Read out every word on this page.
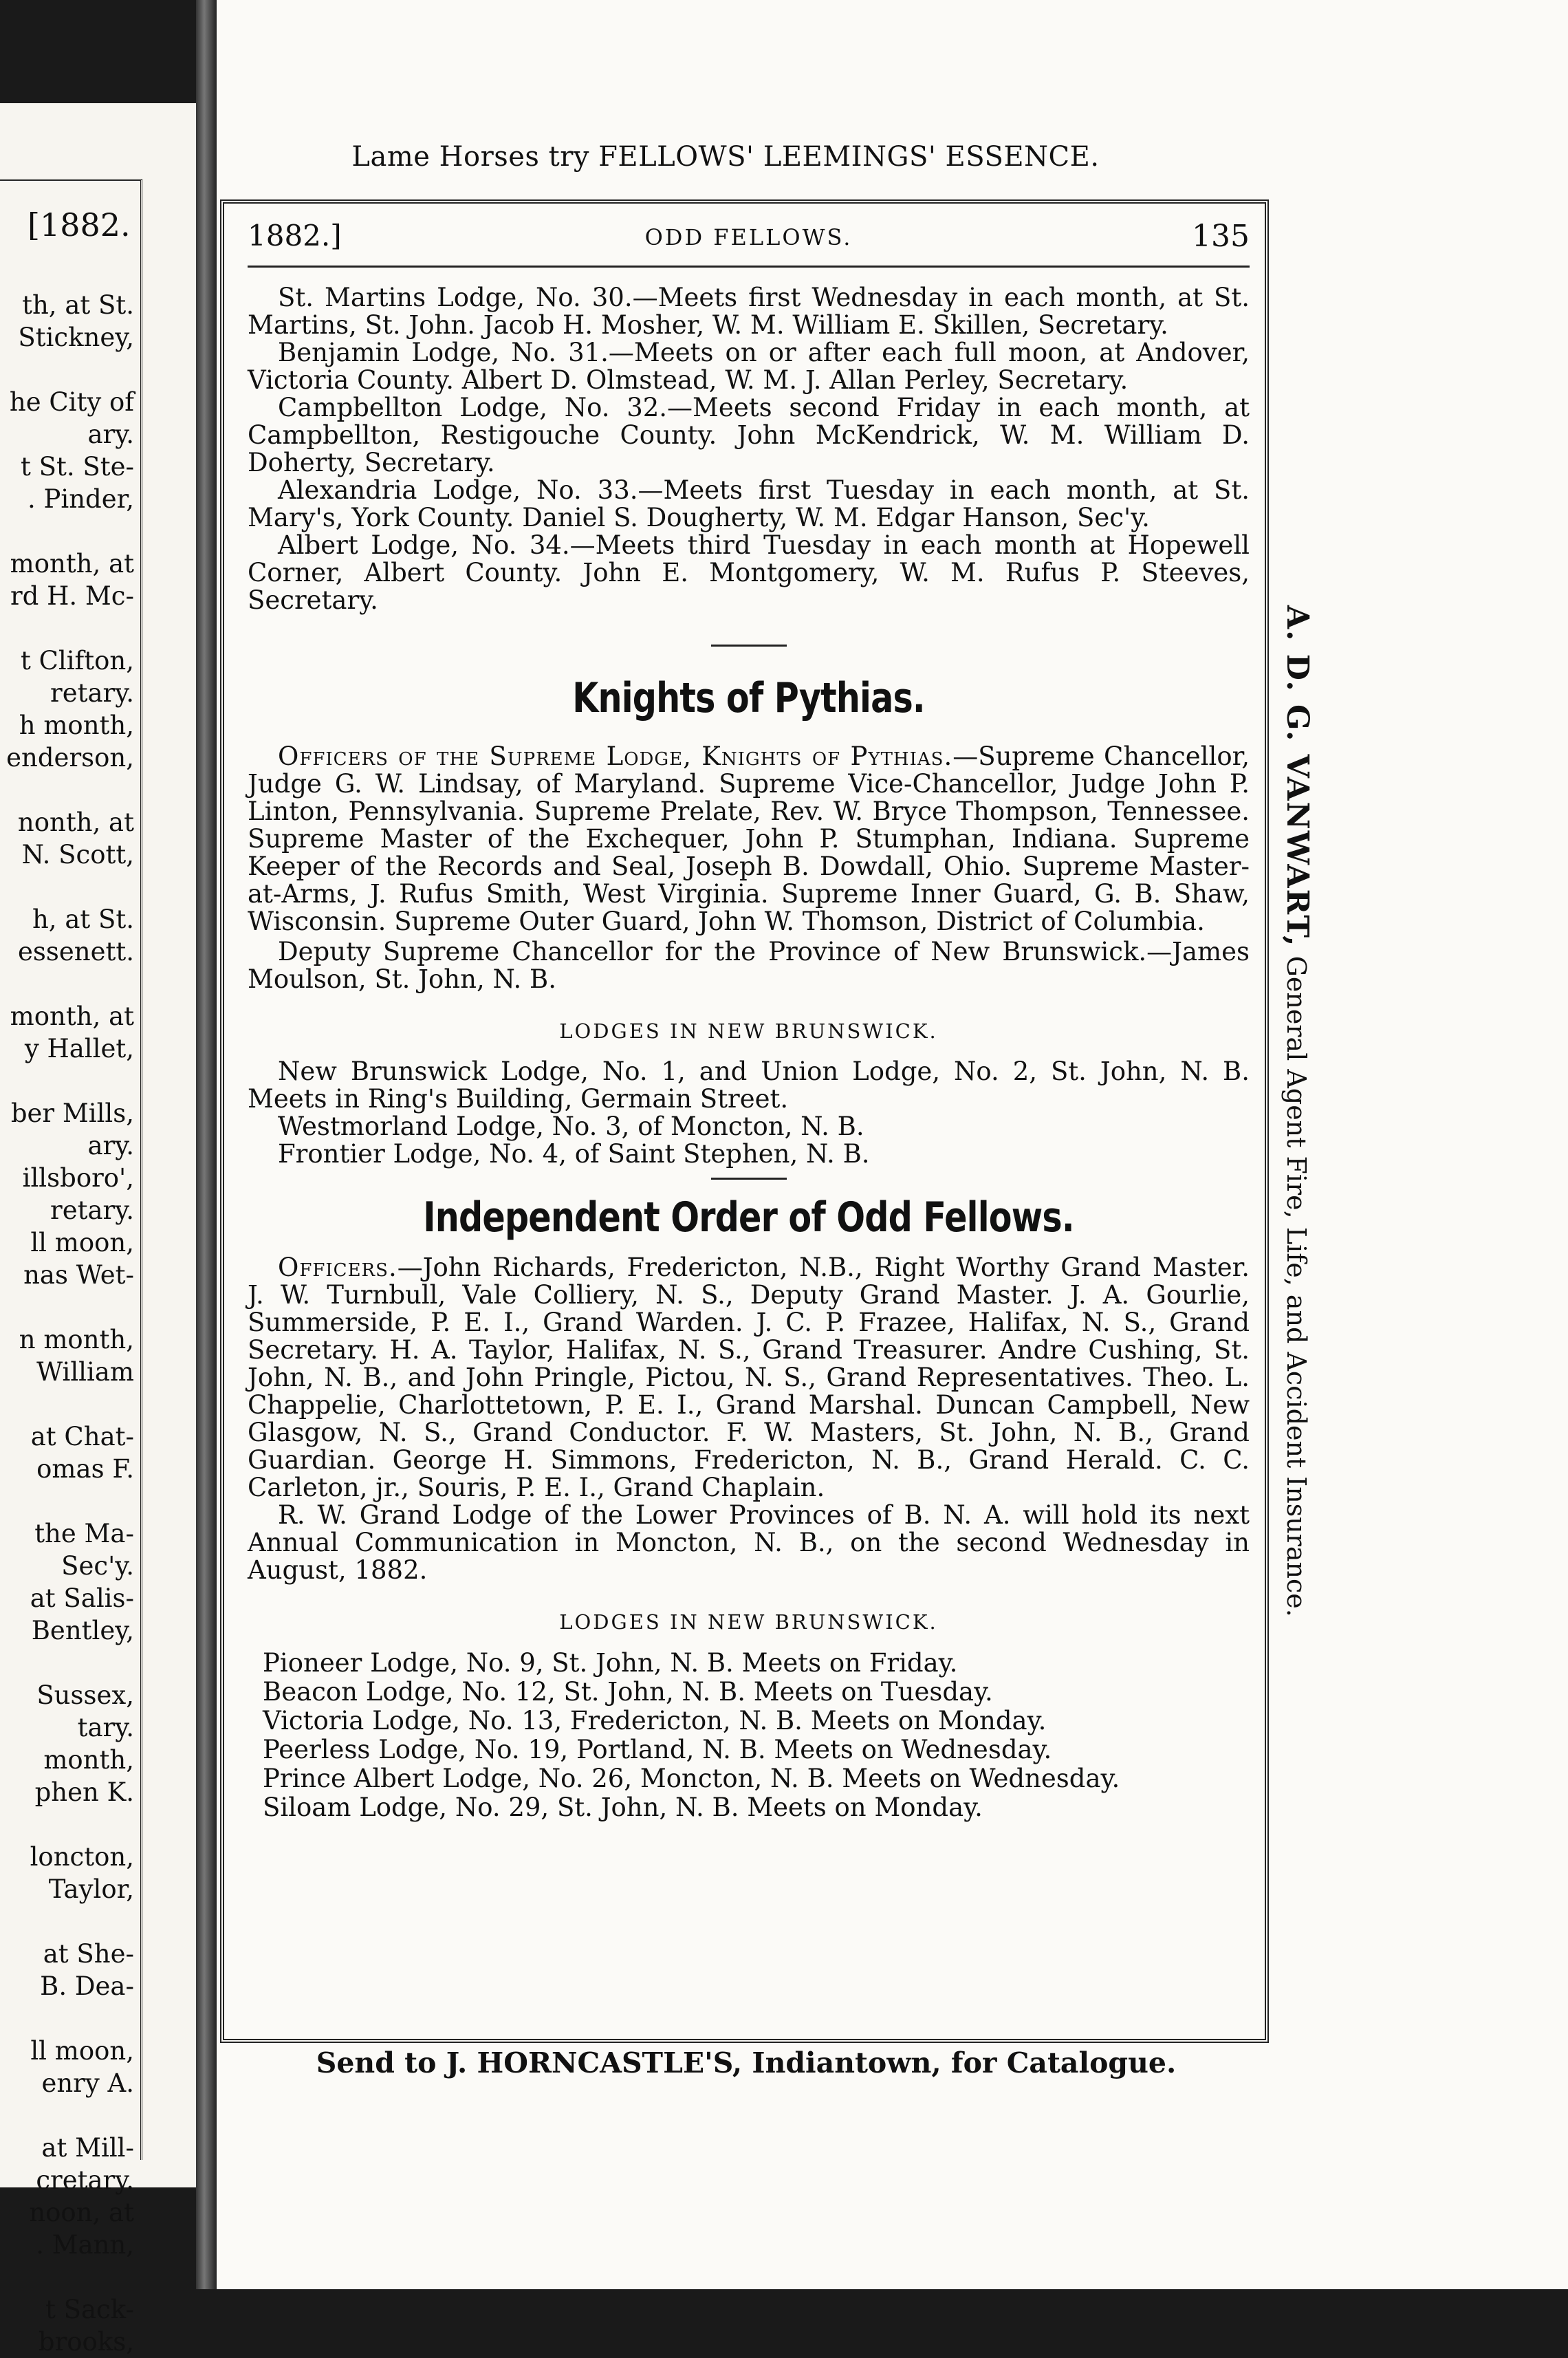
[1882.
th, at St.
Stickney,

he City of
ary.
t St. Ste-
. Pinder,

month, at
rd H. Mc-

t Clifton,
retary.
h month,
enderson,

nonth, at
N. Scott,

h, at St.
essenett.

month, at
y Hallet,

ber Mills,
ary.
illsboro',
retary.
ll moon,
nas Wet-

n month,
William

at Chat-
omas F.

the Ma-
Sec'y.
at Salis-
Bentley,

Sussex,
tary.
month,
phen K.

loncton,
Taylor,

at She-
B. Dea-

ll moon,
enry A.

at Mill-
cretary.
noon, at
. Mann,

t Sack-
brooks,
Lame Horses try FELLOWS' LEEMINGS' ESSENCE.
1882.]	ODD FELLOWS.	135

St. Martins Lodge, No. 30.—Meets first Wednesday in each month, at St. Martins, St. John. Jacob H. Mosher, W. M. William E. Skillen, Secretary.

Benjamin Lodge, No. 31.—Meets on or after each full moon, at Andover, Victoria County. Albert D. Olmstead, W. M. J. Allan Perley, Secretary.

Campbellton Lodge, No. 32.—Meets second Friday in each month, at Campbellton, Restigouche County. John McKendrick, W. M. William D. Doherty, Secretary.

Alexandria Lodge, No. 33.—Meets first Tuesday in each month, at St. Mary's, York County. Daniel S. Dougherty, W. M. Edgar Hanson, Sec'y.

Albert Lodge, No. 34.—Meets third Tuesday in each month at Hopewell Corner, Albert County. John E. Montgomery, W. M. Rufus P. Steeves, Secretary.

Knights of Pythias.

Officers of the Supreme Lodge, Knights of Pythias.—Supreme Chancellor, Judge G. W. Lindsay, of Maryland. Supreme Vice-Chancellor, Judge John P. Linton, Pennsylvania. Supreme Prelate, Rev. W. Bryce Thompson, Tennessee. Supreme Master of the Exchequer, John P. Stumphan, Indiana. Supreme Keeper of the Records and Seal, Joseph B. Dowdall, Ohio. Supreme Master-at-Arms, J. Rufus Smith, West Virginia. Supreme Inner Guard, G. B. Shaw, Wisconsin. Supreme Outer Guard, John W. Thomson, District of Columbia.

Deputy Supreme Chancellor for the Province of New Brunswick.—James Moulson, St. John, N. B.

LODGES IN NEW BRUNSWICK.

New Brunswick Lodge, No. 1, and Union Lodge, No. 2, St. John, N. B. Meets in Ring's Building, Germain Street.

Westmorland Lodge, No. 3, of Moncton, N. B.

Frontier Lodge, No. 4, of Saint Stephen, N. B.

Independent Order of Odd Fellows.

Officers.—John Richards, Fredericton, N.B., Right Worthy Grand Master. J. W. Turnbull, Vale Colliery, N. S., Deputy Grand Master. J. A. Gourlie, Summerside, P. E. I., Grand Warden. J. C. P. Frazee, Halifax, N. S., Grand Secretary. H. A. Taylor, Halifax, N. S., Grand Treasurer. Andre Cushing, St. John, N. B., and John Pringle, Pictou, N. S., Grand Representatives. Theo. L. Chappelie, Charlottetown, P. E. I., Grand Marshal. Duncan Campbell, New Glasgow, N. S., Grand Conductor. F. W. Masters, St. John, N. B., Grand Guardian. George H. Simmons, Fredericton, N. B., Grand Herald. C. C. Carleton, jr., Souris, P. E. I., Grand Chaplain.

R. W. Grand Lodge of the Lower Provinces of B. N. A. will hold its next Annual Communication in Moncton, N. B., on the second Wednesday in August, 1882.

LODGES IN NEW BRUNSWICK.

Pioneer Lodge, No. 9, St. John, N. B. Meets on Friday.

Beacon Lodge, No. 12, St. John, N. B. Meets on Tuesday.

Victoria Lodge, No. 13, Fredericton, N. B. Meets on Monday.

Peerless Lodge, No. 19, Portland, N. B. Meets on Wednesday.

Prince Albert Lodge, No. 26, Moncton, N. B. Meets on Wednesday.

Siloam Lodge, No. 29, St. John, N. B. Meets on Monday.

A. D. G. VANWART, General Agent Fire, Life, and Accident Insurance.
Send to J. HORNCASTLE'S, Indiantown, for Catalogue.
